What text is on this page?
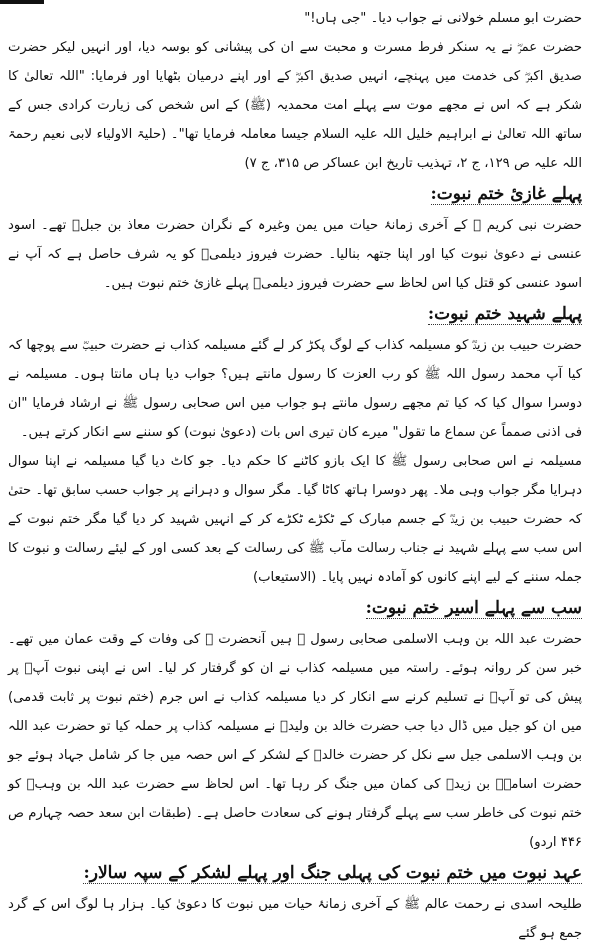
حضرت ابو مسلم خولانی نے جواب دیا۔ "جی ہاں!"

حضرت عمرؓ نے یہ سنکر فرط مسرت و محبت سے ان کی پیشانی کو بوسہ دیا، اور انہیں لیکر حضرت صدیق اکبرؓ کی خدمت میں پہنچے، انہیں صدیق اکبرؓ کے اور اپنے درمیان بٹھایا اور فرمایا: "اللہ تعالیٰ کا شکر ہے کہ اس نے مجھے موت سے پہلے امت محمدیہ (ﷺ) کے اس شخص کی زیارت کرادی جس کے ساتھ اللہ تعالیٰ نے ابراہیم خلیل اللہ علیہ السلام جیسا معاملہ فرمایا تھا"۔ (حلیۃ الاولیاء لابی نعیم رحمۃ اللہ علیہ ص ۱۲۹، ج ۲، تہذیب تاریخ ابن عساکر ص ۳۱۵، ج ۷)

پہلے غازیٔ ختم نبوت:

حضرت نبی کریم ﷺ کے آخری زمانۂ حیات میں یمن وغیرہ کے نگران حضرت معاذ بن جبلؓ تھے۔ اسود عنسی نے دعویٰ نبوت کیا اور اپنا جتھہ بنالیا۔ حضرت فیروز دیلمیؓ کو یہ شرف حاصل ہے کہ آپ نے اسود عنسی کو قتل کیا اس لحاظ سے حضرت فیروز دیلمیؓ پہلے غازیٔ ختم نبوت ہیں۔

پہلے شہید ختم نبوت:

حضرت حبیب بن زیدؓ کو مسیلمہ کذاب کے لوگ پکڑ کر لے گئے مسیلمہ کذاب نے حضرت حبیبؓ سے پوچھا کہ کیا آپ محمد رسول اللہ ﷺ کو رب العزت کا رسول مانتے ہیں؟ جواب دیا ہاں مانتا ہوں۔ مسیلمہ نے دوسرا سوال کیا کہ کیا تم مجھے رسول مانتے ہو جواب میں اس صحابی رسول ﷺ نے ارشاد فرمایا "ان فی اذنی صمماً عن سماع ما تقول" میرے کان تیری اس بات (دعویٰ نبوت) کو سننے سے انکار کرتے ہیں۔

مسیلمہ نے اس صحابی رسول ﷺ کا ایک بازو کاٹنے کا حکم دیا۔ جو کاٹ دیا گیا مسیلمہ نے اپنا سوال دہرایا مگر جواب وہی ملا۔ پھر دوسرا ہاتھ کاٹا گیا۔ مگر سوال و دہرانے پر جواب حسب سابق تھا۔ حتیٰ کہ حضرت حبیب بن زیدؓ کے جسم مبارک کے ٹکڑے ٹکڑے کر کے انہیں شہید کر دیا گیا مگر ختم نبوت کے اس سب سے پہلے شہید نے جناب رسالت مآب ﷺ کی رسالت کے بعد کسی اور کے لیئے رسالت و نبوت کا جملہ سننے کے لیے اپنے کانوں کو آمادہ نہیں پایا۔ (الاستیعاب)

سب سے پہلے اسیر ختم نبوت:

حضرت عبد اللہ بن وہب الاسلمی صحابی رسول ﷺ ہیں آنحضرت ﷺ کی وفات کے وقت عمان میں تھے۔ خبر سن کر روانہ ہوئے۔ راستہ میں مسیلمہ کذاب نے ان کو گرفتار کر لیا۔ اس نے اپنی نبوت آپؓ پر پیش کی تو آپؓ نے تسلیم کرنے سے انکار کر دیا مسیلمہ کذاب نے اس جرم (ختم نبوت پر ثابت قدمی) میں ان کو جیل میں ڈال دیا جب حضرت خالد بن ولیدؓ نے مسیلمہ کذاب پر حملہ کیا تو حضرت عبد اللہ بن وہب الاسلمی جیل سے نکل کر حضرت خالدؓ کے لشکر کے اس حصہ میں جا کر شامل جہاد ہوئے جو حضرت اسامہؓ بن زیدؓ کی کمان میں جنگ کر رہا تھا۔ اس لحاظ سے حضرت عبد اللہ بن وہبؓ کو ختم نبوت کی خاطر سب سے پہلے گرفتار ہونے کی سعادت حاصل ہے۔ (طبقات ابن سعد حصہ چہارم ص ۴۴۶ اردو)

عہد نبوت میں ختم نبوت کی پہلی جنگ اور پہلے لشکر کے سپہ سالار:

طلیحہ اسدی نے رحمت عالم ﷺ کے آخری زمانۂ حیات میں نبوت کا دعویٰ کیا۔ ہزار ہا لوگ اس کے گرد جمع ہو گئے
